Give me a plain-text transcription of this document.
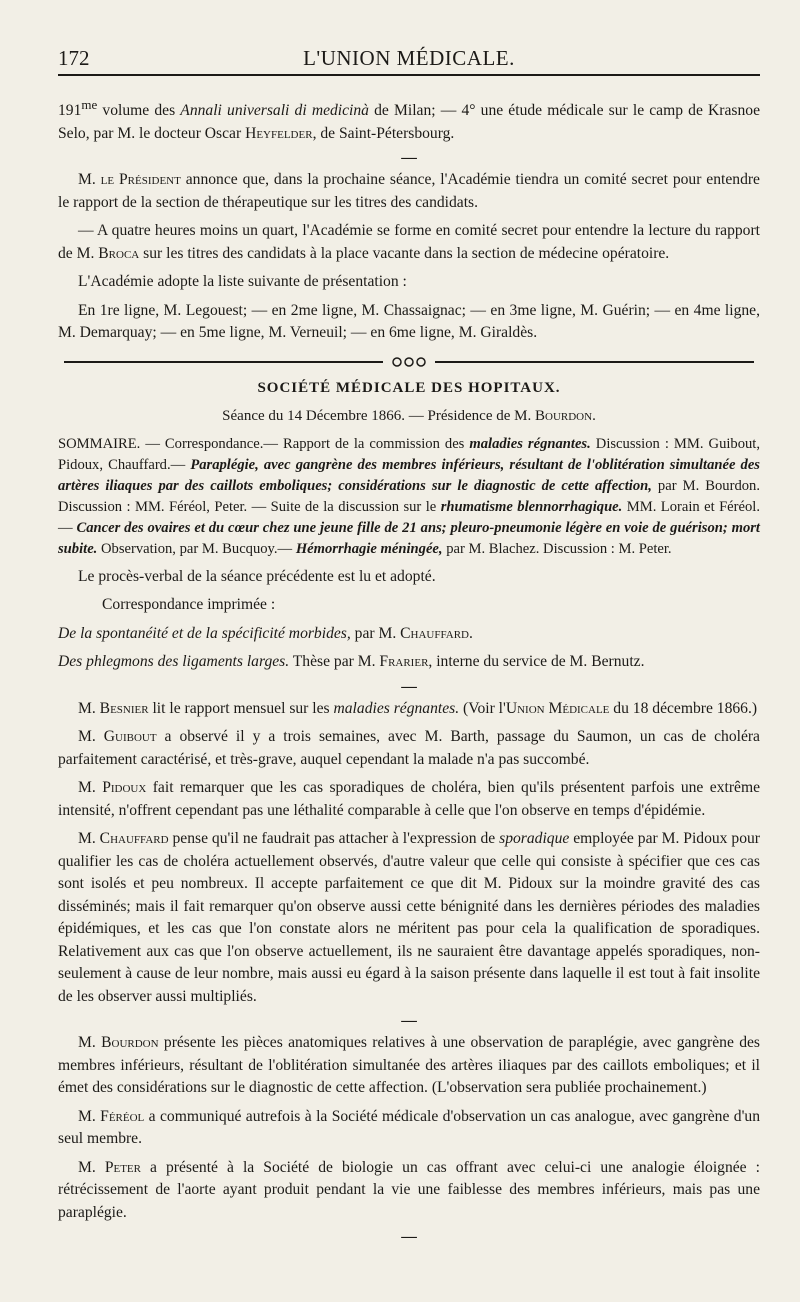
172	L'UNION MÉDICALE.

$191^{me}$ volume des Annali universali di medicinà de Milan; — 4° une étude médicale sur le camp de Krasnoe Selo, par M. le docteur Oscar Heyfelder, de Saint-Pétersbourg.

—

M. le Président annonce que, dans la prochaine séance, l'Académie tiendra un comité secret pour entendre le rapport de la section de thérapeutique sur les titres des candidats.

— A quatre heures moins un quart, l'Académie se forme en comité secret pour entendre la lecture du rapport de M. Broca sur les titres des candidats à la place vacante dans la section de médecine opératoire.

L'Académie adopte la liste suivante de présentation :

En 1re ligne, M. Legouest; — en 2me ligne, M. Chassaignac; — en 3me ligne, M. Guérin; — en 4me ligne, M. Demarquay; — en 5me ligne, M. Verneuil; — en 6me ligne, M. Giraldès.

SOCIÉTÉ MÉDICALE DES HOPITAUX.
Séance du 14 Décembre 1866. — Présidence de M. Bourdon.

SOMMAIRE. — Correspondance.— Rapport de la commission des maladies régnantes. Discussion : MM. Guibout, Pidoux, Chauffard.— Paraplégie, avec gangrène des membres inférieurs, résultant de l'oblitération simultanée des artères iliaques par des caillots emboliques; considérations sur le diagnostic de cette affection, par M. Bourdon. Discussion : MM. Féréol, Peter. — Suite de la discussion sur le rhumatisme blennorrhagique. MM. Lorain et Féréol.— Cancer des ovaires et du cœur chez une jeune fille de 21 ans; pleuro-pneumonie légère en voie de guérison; mort subite. Observation, par M. Bucquoy.— Hémorrhagie méningée, par M. Blachez. Discussion : M. Peter.

Le procès-verbal de la séance précédente est lu et adopté.

Correspondance imprimée :

De la spontanéité et de la spécificité morbides, par M. Chauffard.

Des phlegmons des ligaments larges. Thèse par M. Frarier, interne du service de M. Bernutz.

—

M. Besnier lit le rapport mensuel sur les maladies régnantes. (Voir l'Union Médicale du 18 décembre 1866.)

M. Guibout a observé il y a trois semaines, avec M. Barth, passage du Saumon, un cas de choléra parfaitement caractérisé, et très-grave, auquel cependant la malade n'a pas succombé.

M. Pidoux fait remarquer que les cas sporadiques de choléra, bien qu'ils présentent parfois une extrême intensité, n'offrent cependant pas une léthalité comparable à celle que l'on observe en temps d'épidémie.

M. Chauffard pense qu'il ne faudrait pas attacher à l'expression de sporadique employée par M. Pidoux pour qualifier les cas de choléra actuellement observés, d'autre valeur que celle qui consiste à spécifier que ces cas sont isolés et peu nombreux. Il accepte parfaitement ce que dit M. Pidoux sur la moindre gravité des cas disséminés; mais il fait remarquer qu'on observe aussi cette bénignité dans les dernières périodes des maladies épidémiques, et les cas que l'on constate alors ne méritent pas pour cela la qualification de sporadiques. Relativement aux cas que l'on observe actuellement, ils ne sauraient être davantage appelés sporadiques, non-seulement à cause de leur nombre, mais aussi eu égard à la saison présente dans laquelle il est tout à fait insolite de les observer aussi multipliés.

—

M. Bourdon présente les pièces anatomiques relatives à une observation de paraplégie, avec gangrène des membres inférieurs, résultant de l'oblitération simultanée des artères iliaques par des caillots emboliques; et il émet des considérations sur le diagnostic de cette affection. (L'observation sera publiée prochainement.)

M. Féréol a communiqué autrefois à la Société médicale d'observation un cas analogue, avec gangrène d'un seul membre.

M. Peter a présenté à la Société de biologie un cas offrant avec celui-ci une analogie éloignée : rétrécissement de l'aorte ayant produit pendant la vie une faiblesse des membres inférieurs, mais pas une paraplégie.

—
